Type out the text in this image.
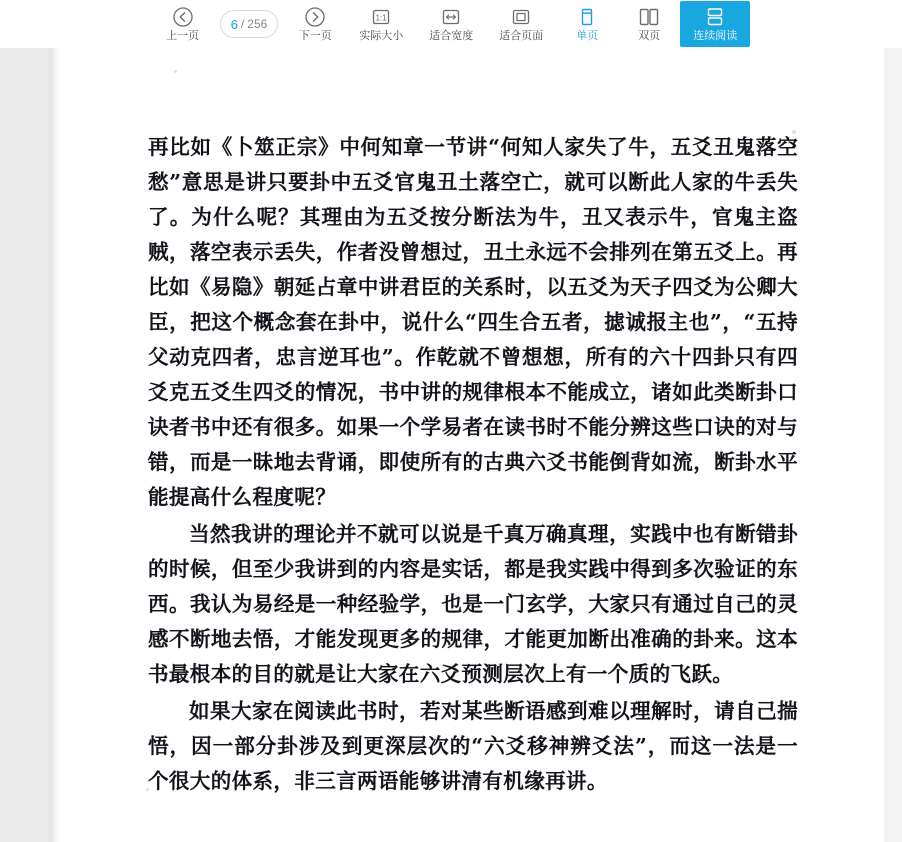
上一页
6 / 256
下一页
1:1
实际大小 适合宽度 适合页面	单页	双页	连续阅读

再比如《卜筮正宗》中何知章一节讲“何知人家失了牛，五爻丑鬼落空愁”意思是讲只要卦中五爻官鬼丑土落空亡，就可以断此人家的牛丢失了。为什么呢？其理由为五爻按分断法为牛，丑又表示牛，官鬼主盗贼，落空表示丢失，作者没曾想过，丑土永远不会排列在第五爻上。再比如《易隐》朝延占章中讲君臣的关系时，以五爻为天子四爻为公卿大臣，把这个概念套在卦中，说什么“四生合五者，摅诚报主也”，“五持父动克四者，忠言逆耳也”。作乾就不曾想想，所有的六十四卦只有四爻克五爻生四爻的情况，书中讲的规律根本不能成立，诸如此类断卦口诀者书中还有很多。如果一个学易者在读书时不能分辨这些口诀的对与错，而是一昧地去背诵，即使所有的古典六爻书能倒背如流，断卦水平能提高什么程度呢？

当然我讲的理论并不就可以说是千真万确真理，实践中也有断错卦的时候，但至少我讲到的内容是实话，都是我实践中得到多次验证的东西。我认为易经是一种经验学，也是一门玄学，大家只有通过自己的灵感不断地去悟，才能发现更多的规律，才能更加断出准确的卦来。这本书最根本的目的就是让大家在六爻预测层次上有一个质的飞跃。

如果大家在阅读此书时，若对某些断语感到难以理解时，请自己揣悟，因一部分卦涉及到更深层次的“六爻移神辨爻法”，而这一法是一个很大的体系，非三言两语能够讲清有机缘再讲。
